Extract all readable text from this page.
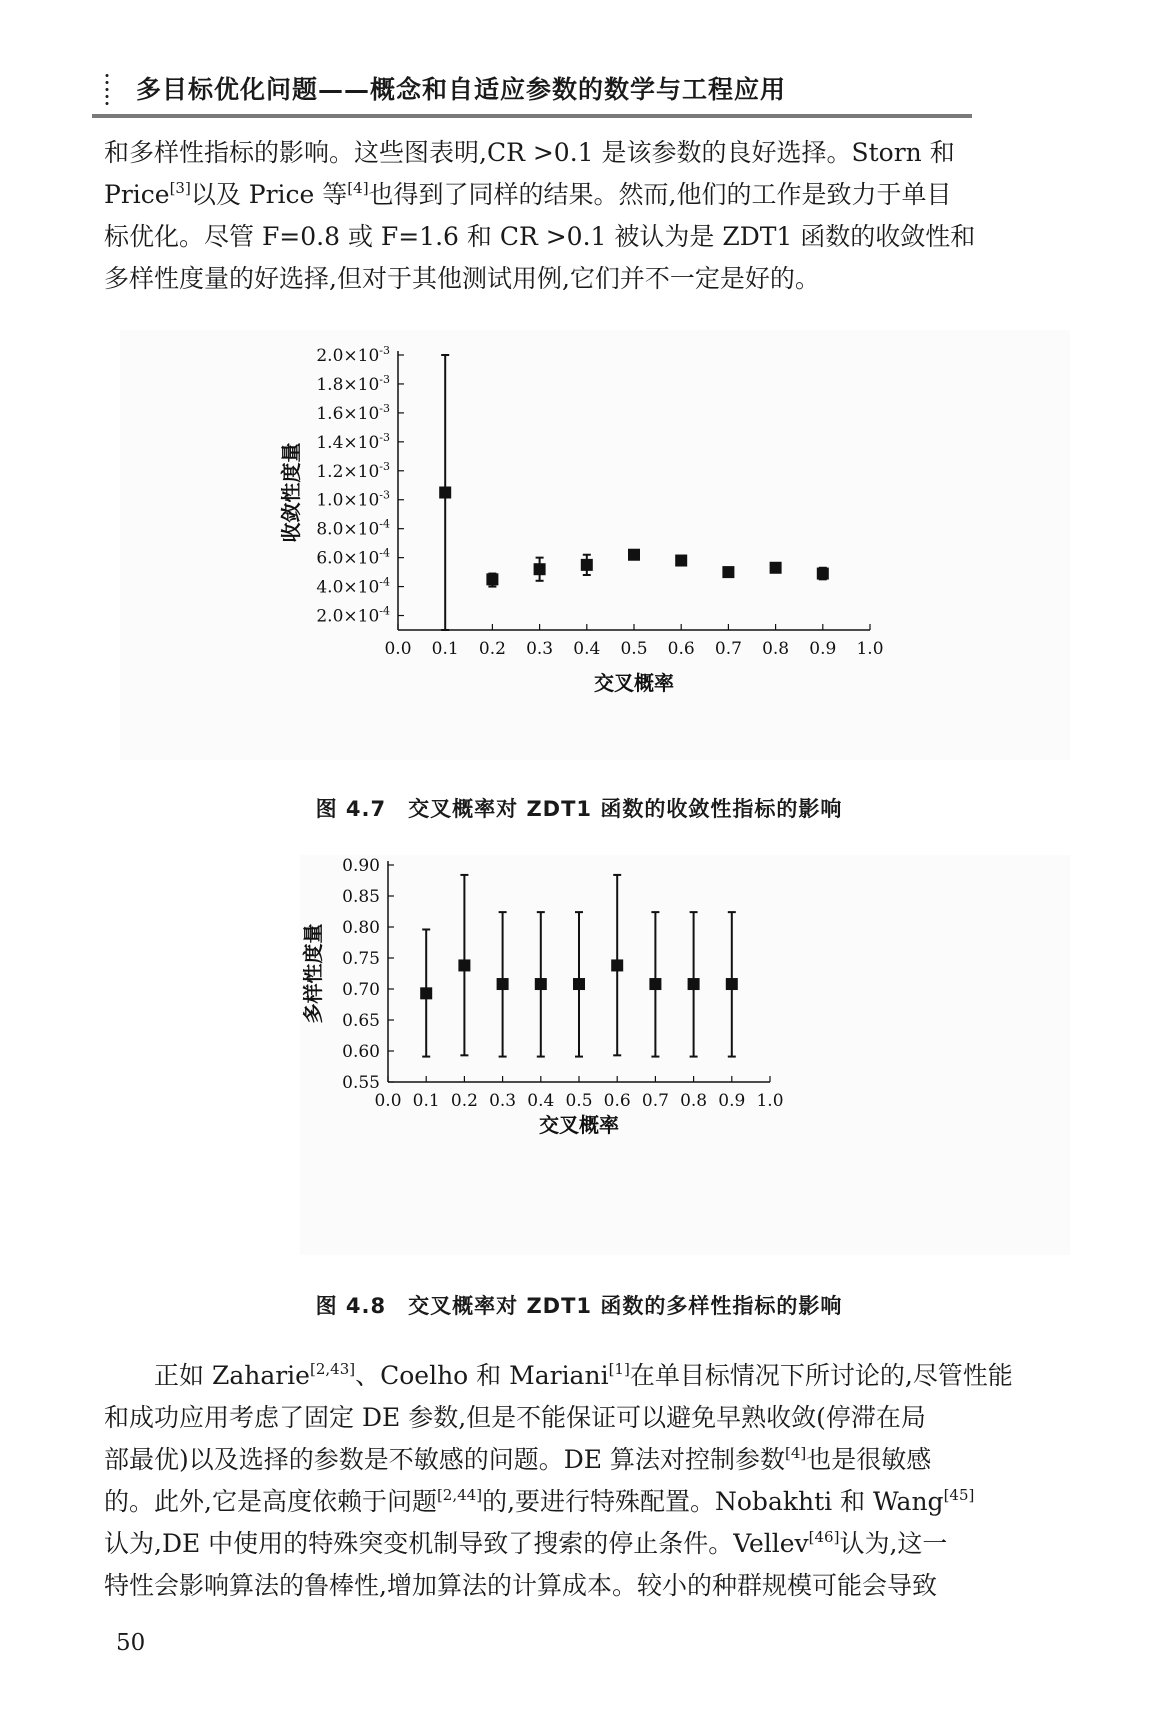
多目标优化问题——概念和自适应参数的数学与工程应用
和多样性指标的影响。这些图表明,CR >0.1 是该参数的良好选择。Storn 和
Price[3]以及 Price 等[4]也得到了同样的结果。然而,他们的工作是致力于单目
标优化。尽管 F=0.8 或 F=1.6 和 CR >0.1 被认为是 ZDT1 函数的收敛性和
多样性度量的好选择,但对于其他测试用例,它们并不一定是好的。
0.0 0.1 0.2 0.3 0.4 0.5 0.6 0.7 0.8 0.9 1.0
$2.0\times 10^{-4}$
$4.0\times 10^{-4}$
$6.0\times 10^{-4}$
$8.0\times 10^{-4}$
$1.0\times 10^{-3}$
$1.2\times 10^{-3}$
$1.4\times 10^{-3}$
$1.6\times 10^{-3}$
$1.8\times 10^{-3}$
$2.0\times 10^{-3}$
交叉概率
收敛性度量

图 4.7　交叉概率对 ZDT1 函数的收敛性指标的影响

0.0 0.1 0.2 0.3 0.4 0.5 0.6 0.7 0.8 0.9 1.0
0.55
0.60
0.65
0.70
0.75
0.80
0.85
0.90
交叉概率
多样性度量

图 4.8　交叉概率对 ZDT1 函数的多样性指标的影响

正如 Zaharie[2,43]、Coelho 和 Mariani[1]在单目标情况下所讨论的,尽管性能
和成功应用考虑了固定 DE 参数,但是不能保证可以避免早熟收敛(停滞在局
部最优)以及选择的参数是不敏感的问题。DE 算法对控制参数[4]也是很敏感
的。此外,它是高度依赖于问题[2,44]的,要进行特殊配置。Nobakhti 和 Wang[45]
认为,DE 中使用的特殊突变机制导致了搜索的停止条件。Vellev[46]认为,这一
特性会影响算法的鲁棒性,增加算法的计算成本。较小的种群规模可能会导致
50
